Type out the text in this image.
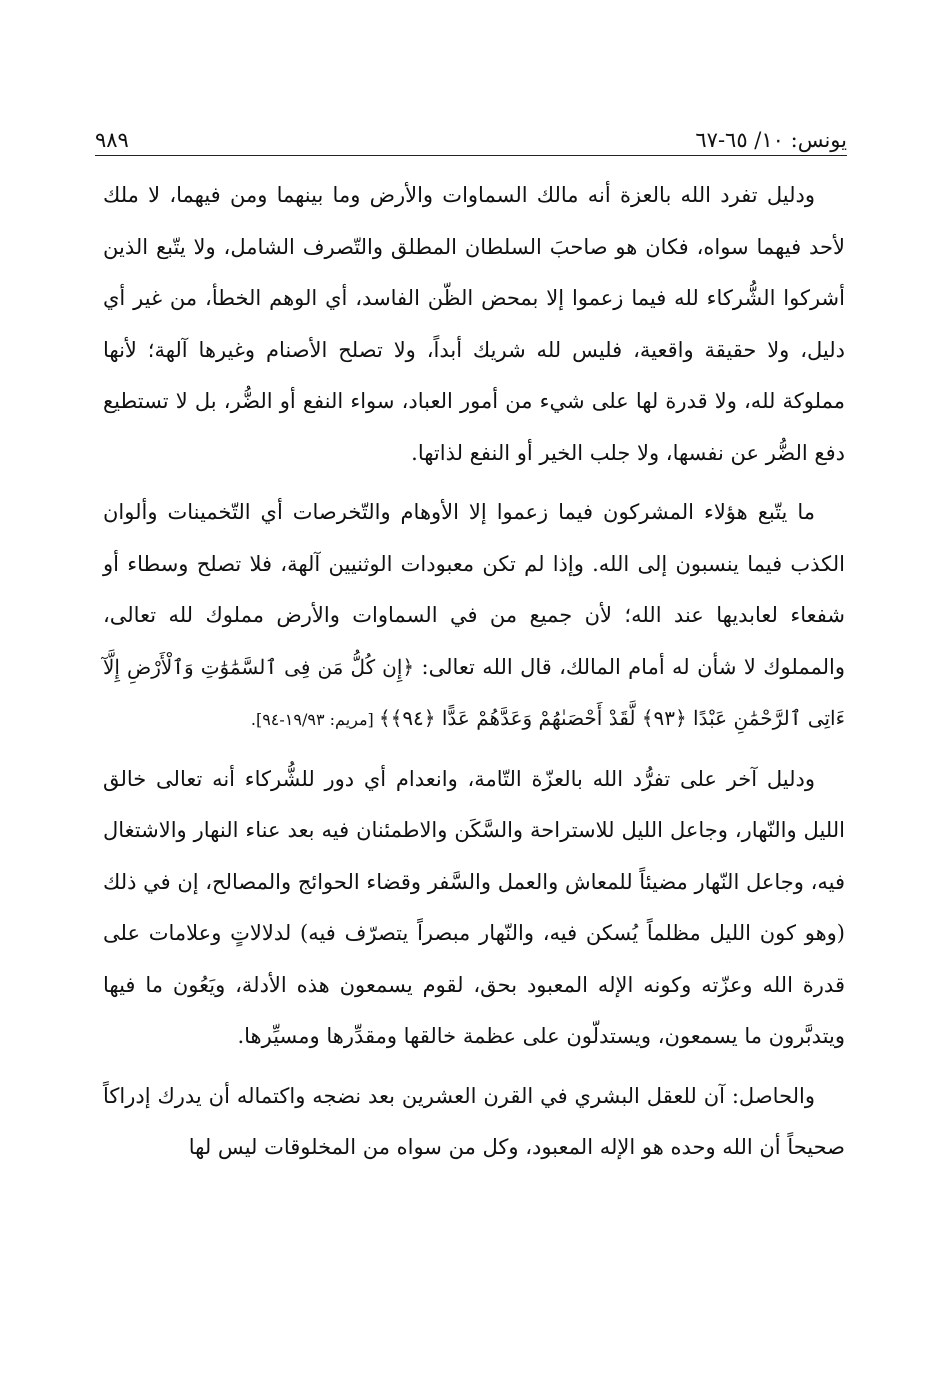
يونس: ١٠/ ٦٥-٦٧
٩٨٩

ودليل تفرد الله بالعزة أنه مالك السماوات والأرض وما بينهما ومن فيهما، لا ملك لأحد فيهما سواه، فكان هو صاحبَ السلطان المطلق والتّصرف الشامل، ولا يتّبع الذين أشركوا الشُّركاء لله فيما زعموا إلا بمحض الظّن الفاسد، أي الوهم الخطأ، من غير أي دليل، ولا حقيقة واقعية، فليس لله شريك أبداً، ولا تصلح الأصنام وغيرها آلهة؛ لأنها مملوكة لله، ولا قدرة لها على شيء من أمور العباد، سواء النفع أو الضُّر، بل لا تستطيع دفع الضُّر عن نفسها، ولا جلب الخير أو النفع لذاتها.

ما يتّبع هؤلاء المشركون فيما زعموا إلا الأوهام والتّخرصات أي التّخمينات وألوان الكذب فيما ينسبون إلى الله. وإذا لم تكن معبودات الوثنيين آلهة، فلا تصلح وسطاء أو شفعاء لعابديها عند الله؛ لأن جميع من في السماوات والأرض مملوك لله تعالى، والمملوك لا شأن له أمام المالك، قال الله تعالى: ﴿إِن كُلُّ مَن فِى ٱلسَّمَٰوَٰتِ وَٱلْأَرْضِ إِلَّآ ءَاتِى ٱلرَّحْمَٰنِ عَبْدًا ﴿٩٣﴾ لَّقَدْ أَحْصَىٰهُمْ وَعَدَّهُمْ عَدًّا ﴿٩٤﴾﴾ [مريم: ١٩/٩٣-٩٤].

ودليل آخر على تفرُّد الله بالعزّة التّامة، وانعدام أي دور للشُّركاء أنه تعالى خالق الليل والنّهار، وجاعل الليل للاستراحة والسَّكَن والاطمئنان فيه بعد عناء النهار والاشتغال فيه، وجاعل النّهار مضيئاً للمعاش والعمل والسَّفر وقضاء الحوائج والمصالح، إن في ذلك (وهو كون الليل مظلماً يُسكن فيه، والنّهار مبصراً يتصرّف فيه) لدلالاتٍ وعلامات على قدرة الله وعزّته وكونه الإله المعبود بحق، لقوم يسمعون هذه الأدلة، ويَعُون ما فيها ويتدبَّرون ما يسمعون، ويستدلّون على عظمة خالقها ومقدِّرها ومسيِّرها.

والحاصل: آن للعقل البشري في القرن العشرين بعد نضجه واكتماله أن يدرك إدراكاً صحيحاً أن الله وحده هو الإله المعبود، وكل من سواه من المخلوقات ليس لها
